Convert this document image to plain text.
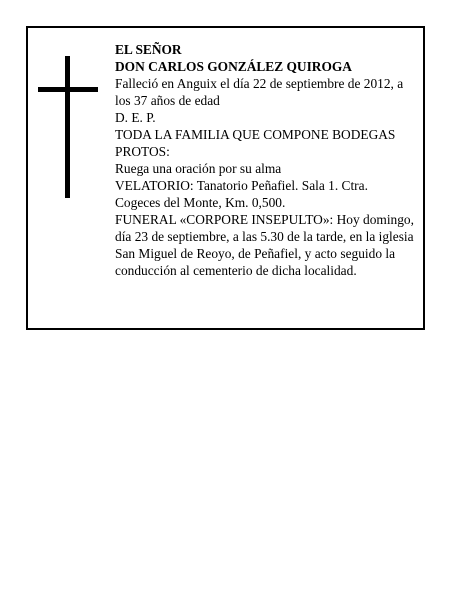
EL SEÑOR
DON CARLOS GONZÁLEZ QUIROGA
Falleció en Anguix el día 22 de septiembre de 2012, a
los 37 años de edad
D. E. P.
TODA LA FAMILIA QUE COMPONE BODEGAS
PROTOS:
Ruega una oración por su alma
VELATORIO: Tanatorio Peñafiel. Sala 1. Ctra.
Cogeces del Monte, Km. 0,500.
FUNERAL «CORPORE INSEPULTO»: Hoy domingo,
día 23 de septiembre, a las 5.30 de la tarde, en la iglesia
San Miguel de Reoyo, de Peñafiel, y acto seguido la
conducción al cementerio de dicha localidad.
